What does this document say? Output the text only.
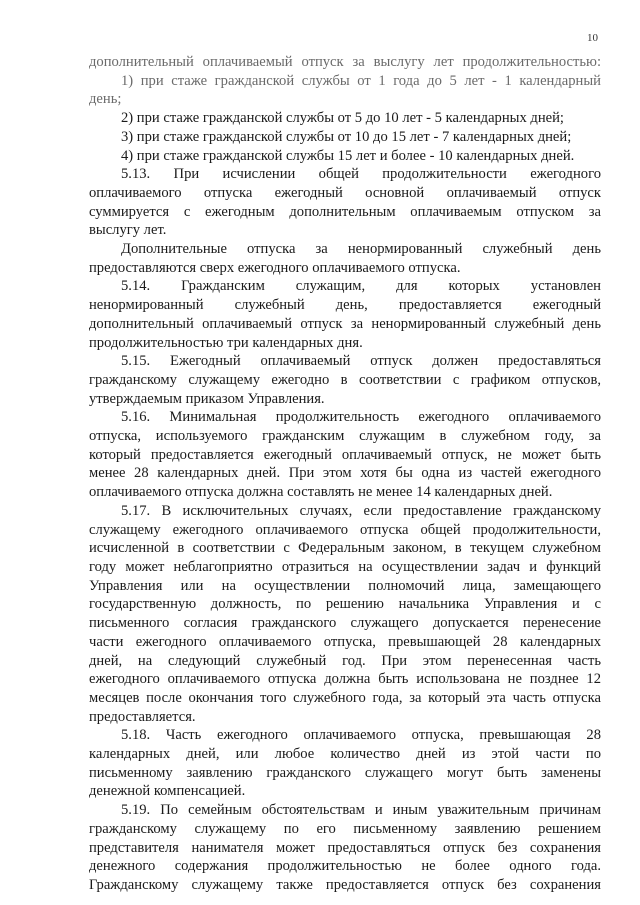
10
дополнительный оплачиваемый отпуск за выслугу лет продолжительностью:
1) при стаже гражданской службы от 1 года до 5 лет - 1 календарный
день;
2) при стаже гражданской службы от 5 до 10 лет - 5 календарных дней;
3) при стаже гражданской службы от 10 до 15 лет - 7 календарных дней;
4) при стаже гражданской службы 15 лет и более - 10 календарных дней.
5.13. При исчислении общей продолжительности ежегодного
оплачиваемого отпуска ежегодный основной оплачиваемый отпуск
суммируется с ежегодным дополнительным оплачиваемым отпуском за
выслугу лет.
Дополнительные отпуска за ненормированный служебный день
предоставляются сверх ежегодного оплачиваемого отпуска.
5.14. Гражданским служащим, для которых установлен
ненормированный служебный день, предоставляется ежегодный
дополнительный оплачиваемый отпуск за ненормированный служебный день
продолжительностью три календарных дня.
5.15. Ежегодный оплачиваемый отпуск должен предоставляться
гражданскому служащему ежегодно в соответствии с графиком отпусков,
утверждаемым приказом Управления.
5.16. Минимальная продолжительность ежегодного оплачиваемого
отпуска, используемого гражданским служащим в служебном году, за
который предоставляется ежегодный оплачиваемый отпуск, не может быть
менее 28 календарных дней. При этом хотя бы одна из частей ежегодного
оплачиваемого отпуска должна составлять не менее 14 календарных дней.
5.17. В исключительных случаях, если предоставление гражданскому
служащему ежегодного оплачиваемого отпуска общей продолжительности,
исчисленной в соответствии с Федеральным законом, в текущем служебном
году может неблагоприятно отразиться на осуществлении задач и функций
Управления или на осуществлении полномочий лица, замещающего
государственную должность, по решению начальника Управления и с
письменного согласия гражданского служащего допускается перенесение
части ежегодного оплачиваемого отпуска, превышающей 28 календарных
дней, на следующий служебный год. При этом перенесенная часть
ежегодного оплачиваемого отпуска должна быть использована не позднее 12
месяцев после окончания того служебного года, за который эта часть отпуска
предоставляется.
5.18. Часть ежегодного оплачиваемого отпуска, превышающая 28
календарных дней, или любое количество дней из этой части по
письменному заявлению гражданского служащего могут быть заменены
денежной компенсацией.
5.19. По семейным обстоятельствам и иным уважительным причинам
гражданскому служащему по его письменному заявлению решением
представителя нанимателя может предоставляться отпуск без сохранения
денежного содержания продолжительностью не более одного года.
Гражданскому служащему также предоставляется отпуск без сохранения
